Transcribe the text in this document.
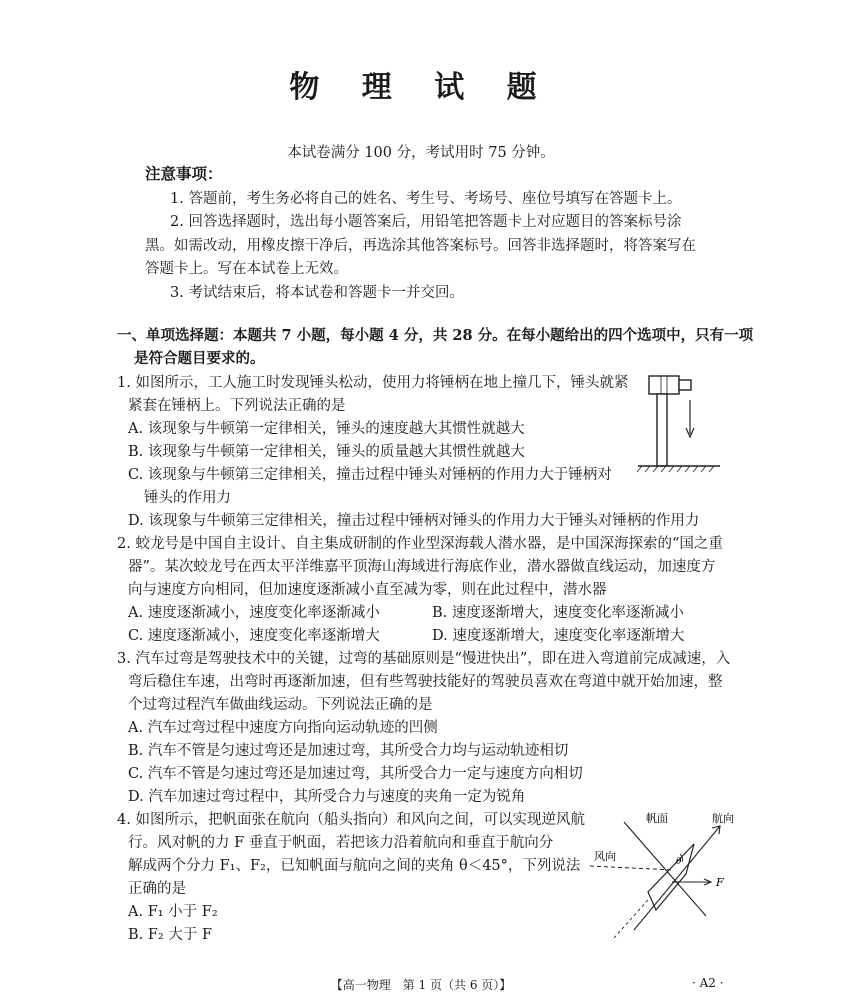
物 理 试 题
本试卷满分 100 分，考试用时 75 分钟。
注意事项：
1. 答题前，考生务必将自己的姓名、考生号、考场号、座位号填写在答题卡上。
2. 回答选择题时，选出每小题答案后，用铅笔把答题卡上对应题目的答案标号涂
黑。如需改动，用橡皮擦干净后，再选涂其他答案标号。回答非选择题时，将答案写在
答题卡上。写在本试卷上无效。
3. 考试结束后，将本试卷和答题卡一并交回。
一、单项选择题：本题共 7 小题，每小题 4 分，共 28 分。在每小题给出的四个选项中，只有一项
是符合题目要求的。
1. 如图所示，工人施工时发现锤头松动，使用力将锤柄在地上撞几下，锤头就紧
紧套在锤柄上。下列说法正确的是
A. 该现象与牛顿第一定律相关，锤头的速度越大其惯性就越大
B. 该现象与牛顿第一定律相关，锤头的质量越大其惯性就越大
C. 该现象与牛顿第三定律相关，撞击过程中锤头对锤柄的作用力大于锤柄对
锤头的作用力
D. 该现象与牛顿第三定律相关，撞击过程中锤柄对锤头的作用力大于锤头对锤柄的作用力
2. 蛟龙号是中国自主设计、自主集成研制的作业型深海载人潜水器，是中国深海探索的“国之重
器”。某次蛟龙号在西太平洋维嘉平顶海山海域进行海底作业，潜水器做直线运动，加速度方
向与速度方向相同，但加速度逐渐减小直至减为零，则在此过程中，潜水器
A. 速度逐渐减小，速度变化率逐渐减小	B. 速度逐渐增大，速度变化率逐渐减小
C. 速度逐渐减小，速度变化率逐渐增大	D. 速度逐渐增大，速度变化率逐渐增大
3. 汽车过弯是驾驶技术中的关键，过弯的基础原则是“慢进快出”，即在进入弯道前完成减速，入
弯后稳住车速，出弯时再逐渐加速，但有些驾驶技能好的驾驶员喜欢在弯道中就开始加速，整
个过弯过程汽车做曲线运动。下列说法正确的是
A. 汽车过弯过程中速度方向指向运动轨迹的凹侧
B. 汽车不管是匀速过弯还是加速过弯，其所受合力均与运动轨迹相切
C. 汽车不管是匀速过弯还是加速过弯，其所受合力一定与速度方向相切
D. 汽车加速过弯过程中，其所受合力与速度的夹角一定为锐角
4. 如图所示，把帆面张在航向（船头指向）和风向之间，可以实现逆风航
行。风对帆的力 F 垂直于帆面，若把该力沿着航向和垂直于航向分
解成两个分力 F₁、F₂，已知帆面与航向之间的夹角 θ＜45°，下列说法
正确的是
A. F₁ 小于 F₂
B. F₂ 大于 F
帆面	航向
风向
F
θ
【高一物理　第 1 页（共 6 页）】	· A2 ·
